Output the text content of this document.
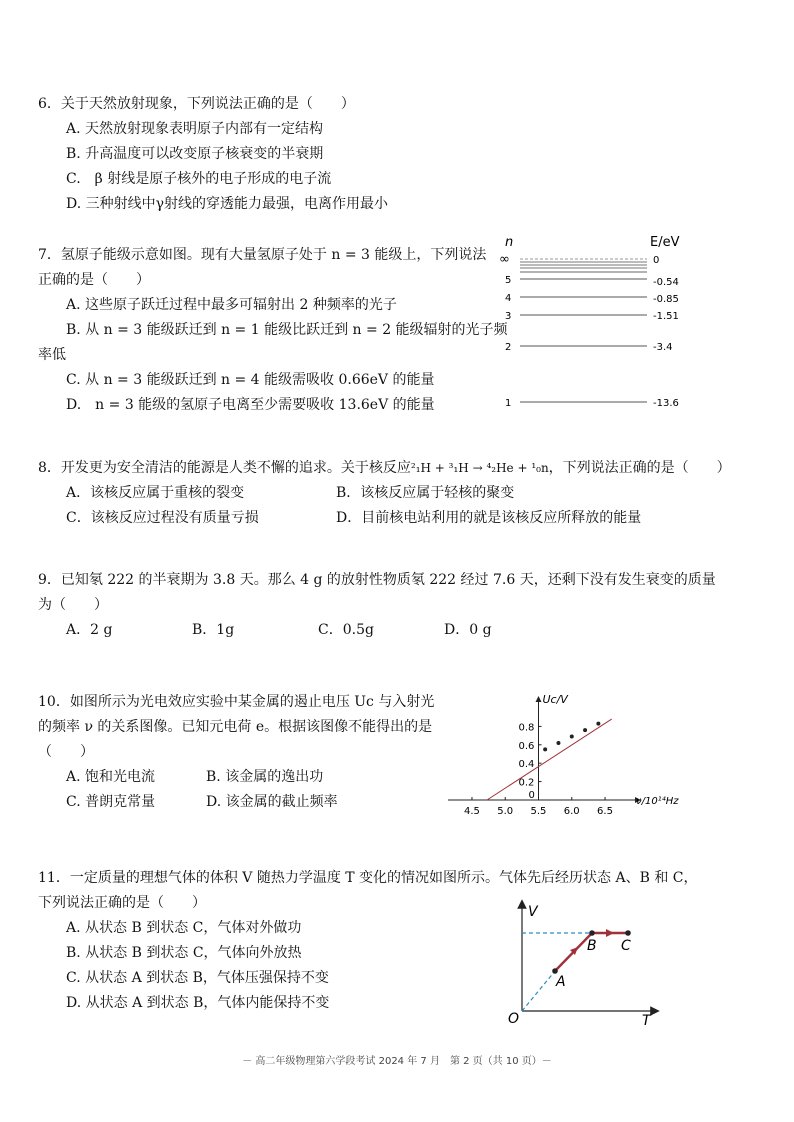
6．关于天然放射现象，下列说法正确的是（　　）
A. 天然放射现象表明原子内部有一定结构
B. 升高温度可以改变原子核衰变的半衰期
C.　β 射线是原子核外的电子形成的电子流
D. 三种射线中γ射线的穿透能力最强，电离作用最小
7．氢原子能级示意如图。现有大量氢原子处于 n = 3 能级上，下列说法
正确的是（　　）
A. 这些原子跃迁过程中最多可辐射出 2 种频率的光子
B. 从 n = 3 能级跃迁到 n = 1 能级比跃迁到 n = 2 能级辐射的光子频
率低
C. 从 n = 3 能级跃迁到 n = 4 能级需吸收 0.66eV 的能量
D.　n = 3 能级的氢原子电离至少需要吸收 13.6eV 的能量
n	E/eV
∞	0
5	-0.54
4	-0.85
3	-1.51
2	-3.4
1	-13.6
8．开发更为安全清洁的能源是人类不懈的追求。关于核反应²₁H + ³₁H → ⁴₂He + ¹₀n，下列说法正确的是（　　）
A．该核反应属于重核的裂变	B．该核反应属于轻核的聚变
C．该核反应过程没有质量亏损	D．目前核电站利用的就是该核反应所释放的能量
9．已知氡 222 的半衰期为 3.8 天。那么 4 g 的放射性物质氡 222 经过 7.6 天，还剩下没有发生衰变的质量
为（　　）
A．2 g	B．1g	C．0.5g	D．0 g
10．如图所示为光电效应实验中某金属的遏止电压 Uc 与入射光
的频率 ν 的关系图像。已知元电荷 e。根据该图像不能得出的是
（　　）
A. 饱和光电流	B. 该金属的逸出功
C. 普朗克常量	D. 该金属的截止频率
Uc/V
ν/10¹⁴Hz
4.5 5.0 5.5 6.0 6.5
0.2
0.4
0.6
0.8
0
11．一定质量的理想气体的体积 V 随热力学温度 T 变化的情况如图所示。气体先后经历状态 A、B 和 C，
下列说法正确的是（　　）
A. 从状态 B 到状态 C，气体对外做功
B. 从状态 B 到状态 C，气体向外放热
C. 从状态 A 到状态 B，气体压强保持不变
D. 从状态 A 到状态 B，气体内能保持不变
V
T
O
A
B C
－ 高二年级物理第六学段考试 2024 年 7 月　第 2 页（共 10 页）－
